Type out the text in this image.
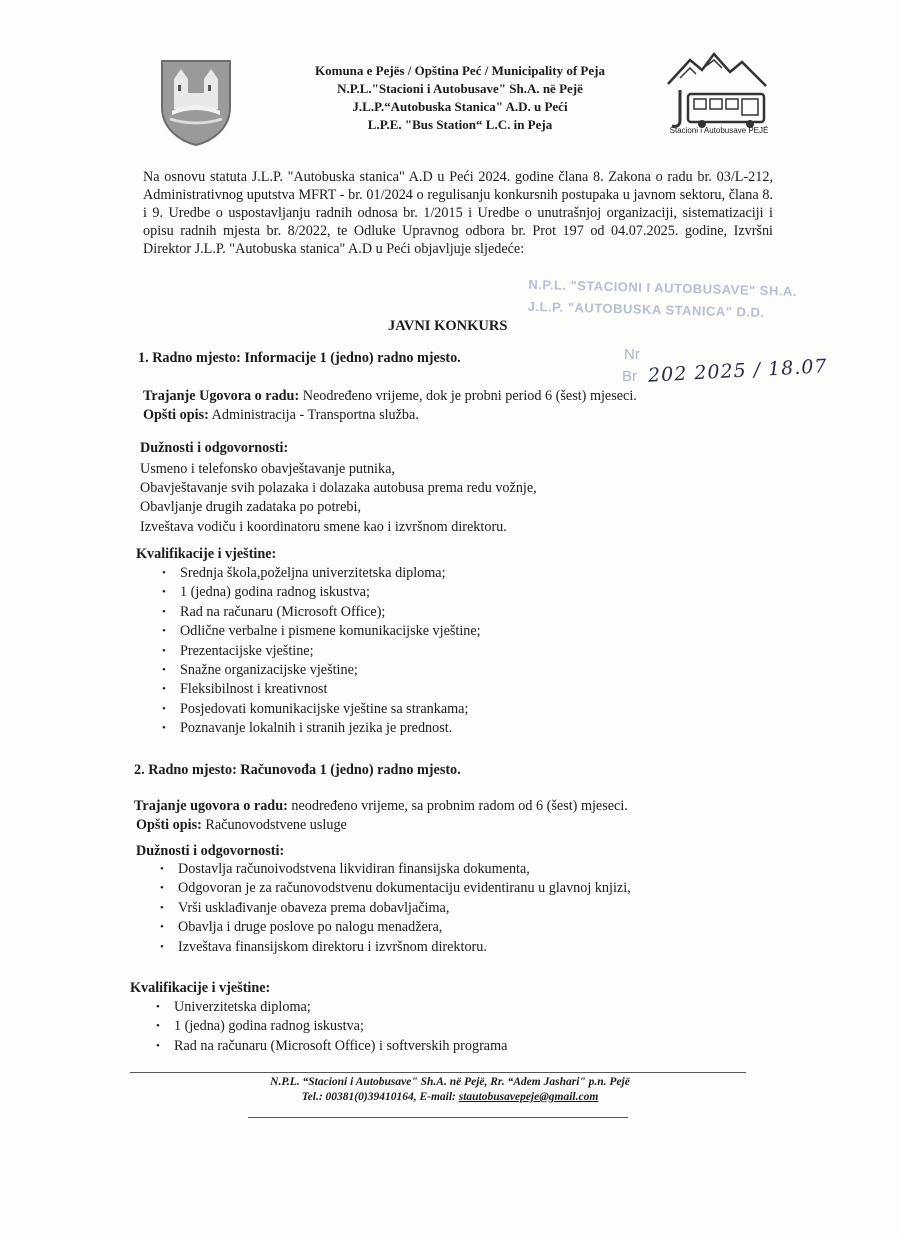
Komuna e Pejës / Opština Peć / Municipality of Peja
N.P.L."Stacioni i Autobusave" Sh.A. në Pejë
J.L.P.“Autobuska Stanica" A.D. u Peći
L.P.E. "Bus Station“ L.C. in Peja	Stacioni i Autobusave PEJË
Na osnovu statuta J.L.P. "Autobuska stanica" A.D u Peći 2024. godine člana 8. Zakona o radu br. 03/L-212, Administrativnog uputstva MFRT - br. 01/2024 o regulisanju konkursnih postupaka u javnom sektoru, člana 8. i 9. Uredbe o uspostavljanju radnih odnosa br. 1/2015 i Uredbe o unutrašnjoj organizaciji, sistematizaciji i opisu radnih mjesta br. 8/2022, te Odluke Upravnog odbora br. Prot 197 od 04.07.2025. godine, Izvršni Direktor J.L.P. "Autobuska stanica" A.D u Peći objavljuje sljedeće:
N.P.L. "STACIONI I AUTOBUSAVE" SH.A.
J.L.P. "AUTOBUSKA STANICA" D.D.
Nr
Br 202 2025 / 18.07
JAVNI KONKURS
1. Radno mjesto: Informacije 1 (jedno) radno mjesto.
Trajanje Ugovora o radu: Neodređeno vrijeme, dok je probni period 6 (šest) mjeseci.
Opšti opis: Administracija - Transportna služba.
Dužnosti i odgovornosti:
Usmeno i telefonsko obavještavanje putnika,
Obavještavanje svih polazaka i dolazaka autobusa prema redu vožnje,
Obavljanje drugih zadataka po potrebi,
Izveštava vodiču i koordinatoru smene kao i izvršnom direktoru.
Kvalifikacije i vještine:
• Srednja škola,poželjna univerzitetska diploma;
• 1 (jedna) godina radnog iskustva;
• Rad na računaru (Microsoft Office);
• Odlične verbalne i pismene komunikacijske vještine;
• Prezentacijske vještine;
• Snažne organizacijske vještine;
• Fleksibilnost i kreativnost
• Posjedovati komunikacijske vještine sa strankama;
• Poznavanje lokalnih i stranih jezika je prednost.
2. Radno mjesto: Računovođa 1 (jedno) radno mjesto.
Trajanje ugovora o radu: neodređeno vrijeme, sa probnim radom od 6 (šest) mjeseci.
Opšti opis: Računovodstvene usluge
Dužnosti i odgovornosti:
• Dostavlja računoivodstvena likvidiran finansijska dokumenta,
• Odgovoran je za računovodstvenu dokumentaciju evidentiranu u glavnoj knjizi,
• Vrši usklađivanje obaveza prema dobavljačima,
• Obavlja i druge poslove po nalogu menadžera,
• Izveštava finansijskom direktoru i izvršnom direktoru.
Kvalifikacije i vještine:
• Univerzitetska diploma;
• 1 (jedna) godina radnog iskustva;
• Rad na računaru (Microsoft Office) i softverskih programa
N.P.L. “Stacioni i Autobusave" Sh.A. në Pejë, Rr. “Adem Jashari" p.n. Pejë
Tel.: 00381(0)39410164, E-mail: stautobusavepeje@gmail.com
